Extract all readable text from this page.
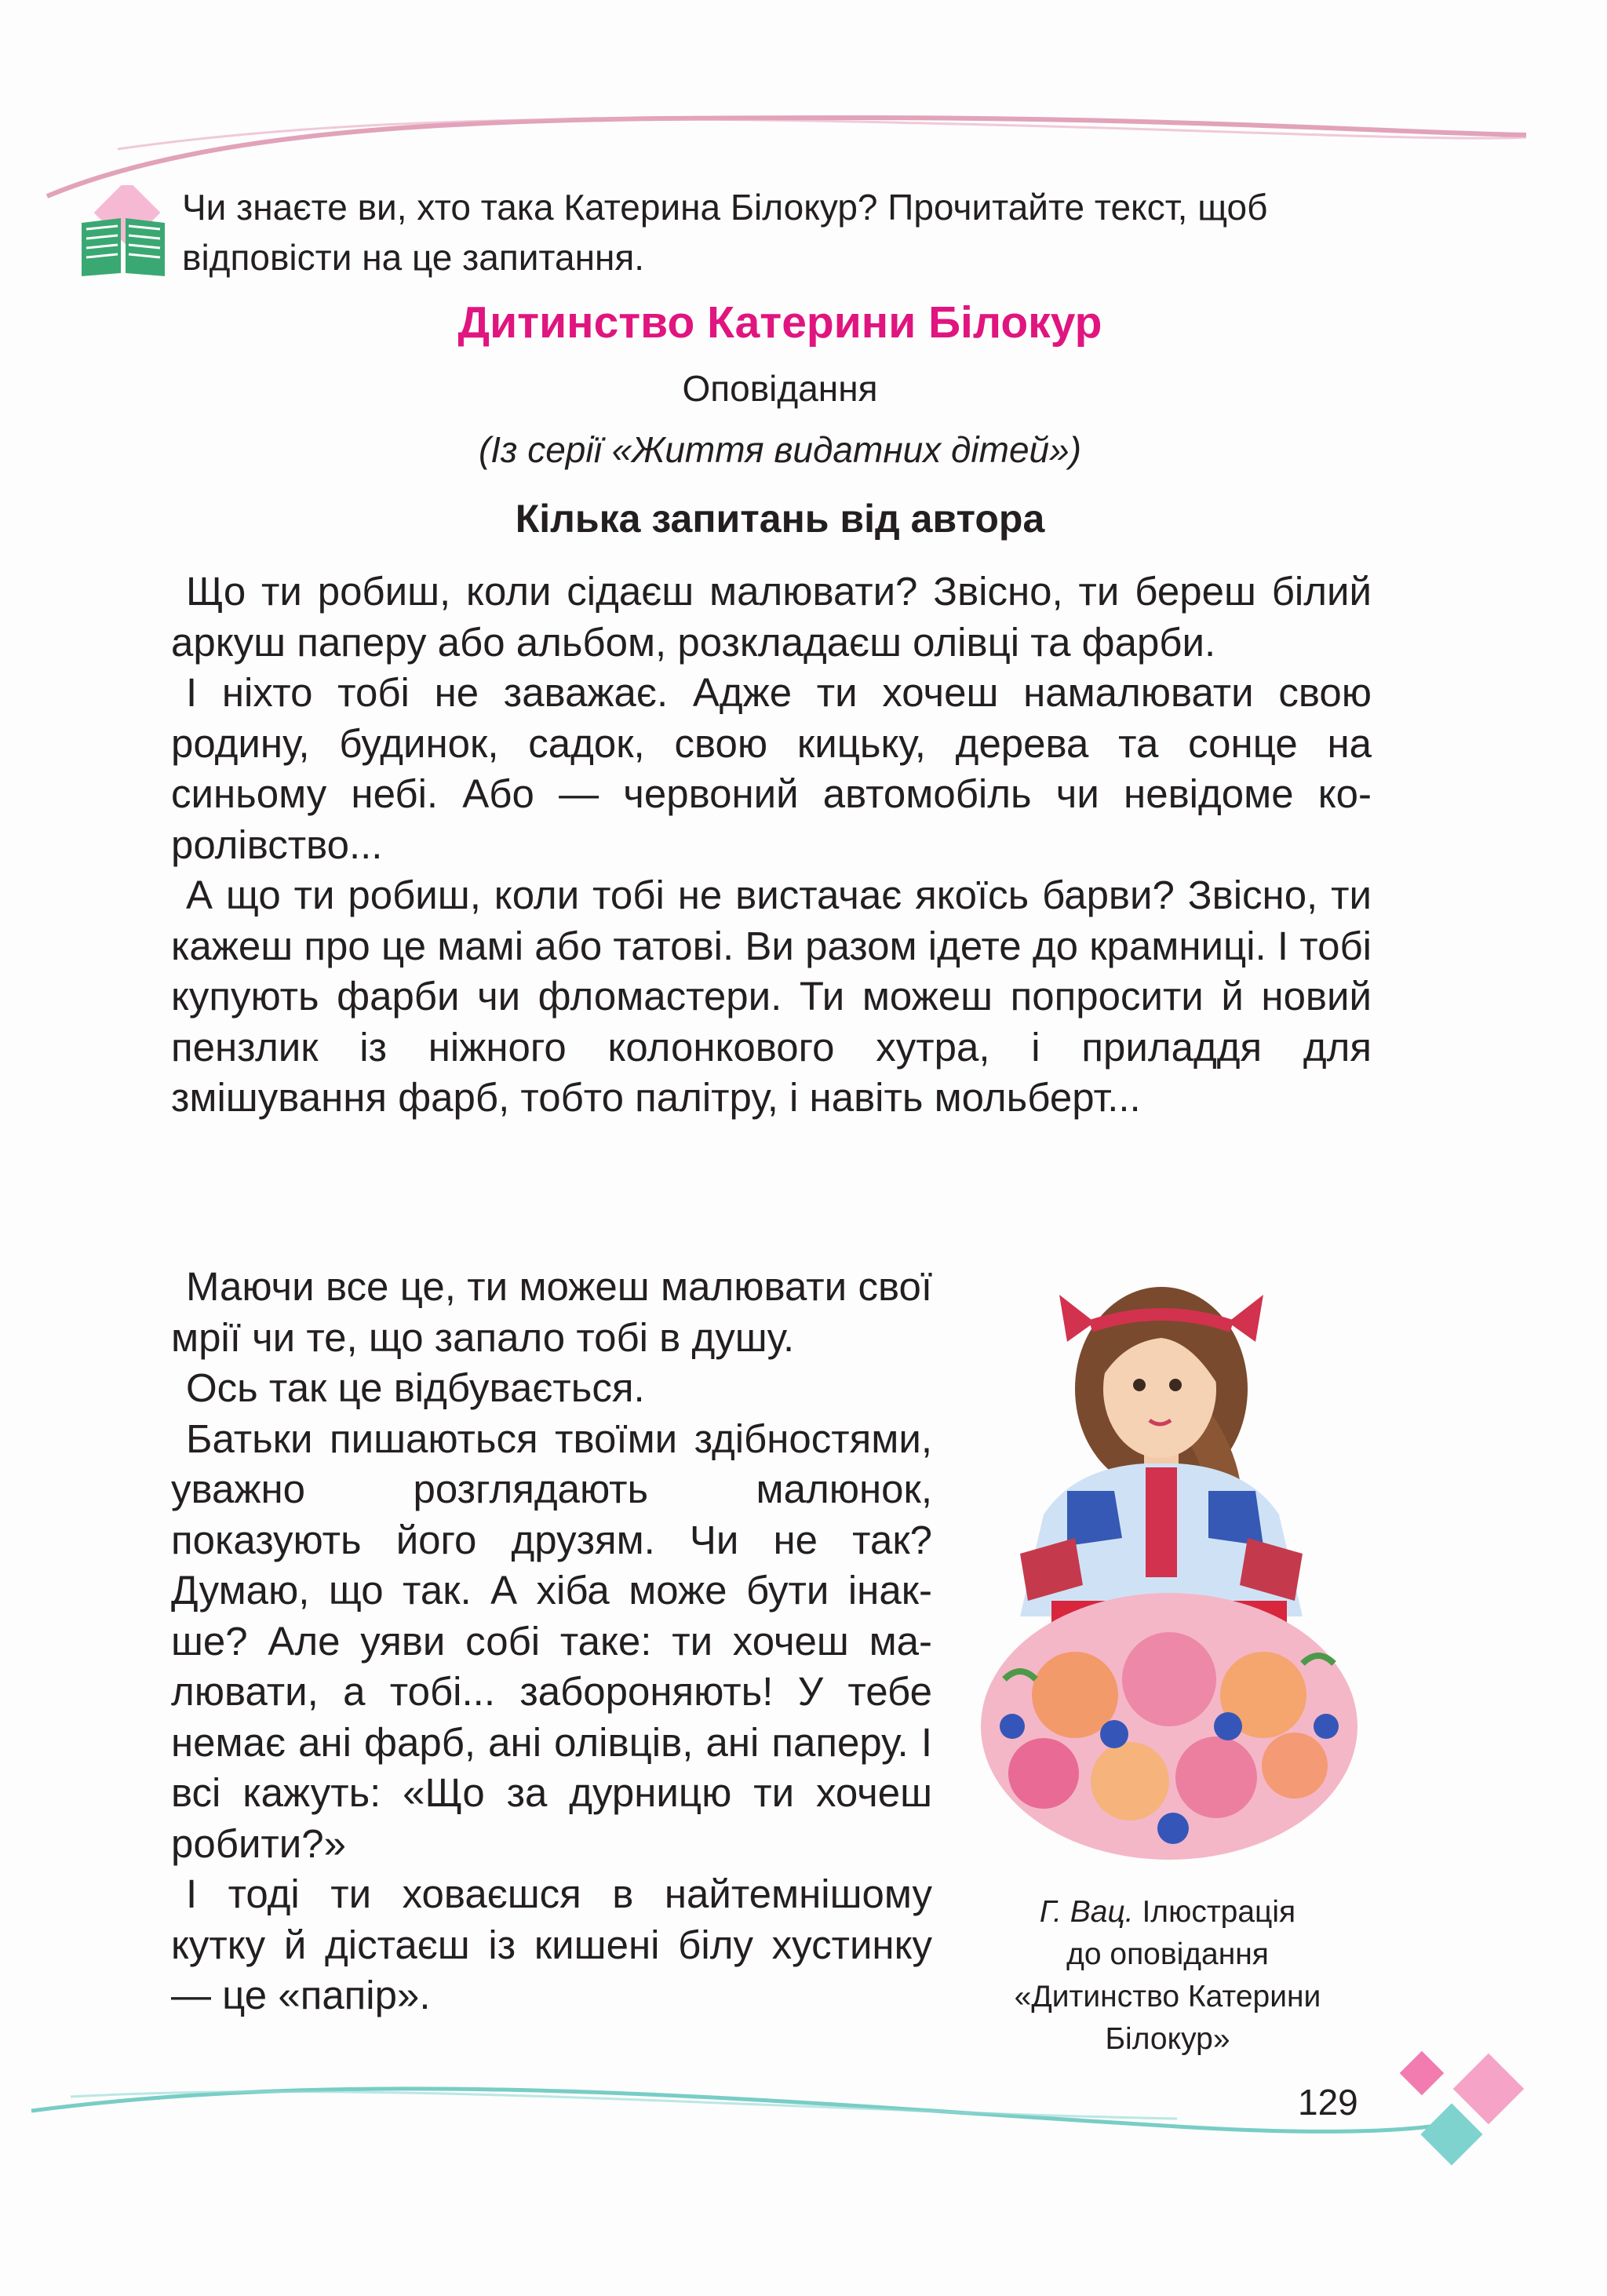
Чи знаєте ви, хто така Катерина Білокур? Прочитайте текст, щоб
відповісти на це запитання.
Дитинство Катерини Білокур
Оповідання
(Із серії «Життя видатних дітей»)
Кілька запитань від автора

Що ти робиш, коли сідаєш малювати? Звісно, ти береш білий аркуш паперу або альбом, розкладаєш олівці та фарби.

І ніхто тобі не заважає. Адже ти хочеш намалювати свою родину, будинок, садок, свою кицьку, дерева та сонце на синьому небі. Або — червоний автомобіль чи невідоме королівство...

А що ти робиш, коли тобі не вистачає якоїсь барви? Звісно, ти кажеш про це мамі або татові. Ви разом ідете до крамниці. І тобі купують фарби чи фломастери. Ти можеш попросити й новий пензлик із ніжного колонкового хутра, і приладдя для змішування фарб, тобто палітру, і навіть мольберт...

Маючи все це, ти можеш малювати свої мрії чи те, що запало тобі в душу.

Ось так це відбувається.

Батьки пишаються твоїми здібностями, уважно розглядають малюнок, показують його друзям. Чи не так? Думаю, що так. А хіба може бути інакше? Але уяви собі таке: ти хочеш малювати, а тобі... забороняють! У тебе немає ані фарб, ані олівців, ані паперу. І всі кажуть: «Що за дурницю ти хочеш робити?»

І тоді ти ховаєшся в найтемнішому кутку й дістаєш із кишені білу хустинку — це «папір».

Г. Вац. Ілюстрація
до оповідання
«Дитинство Катерини
Білокур»
129
